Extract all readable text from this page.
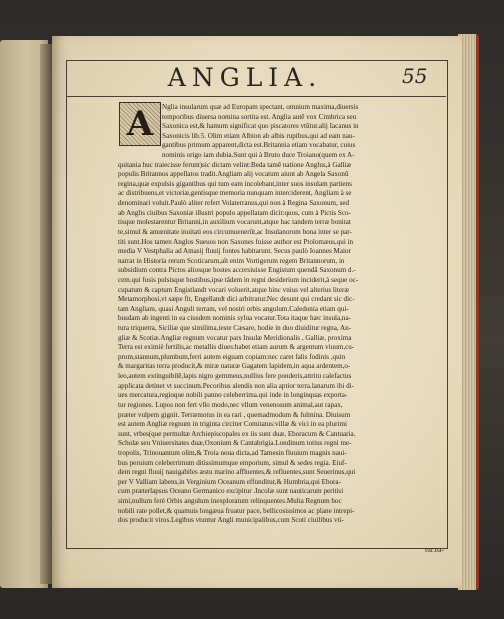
ANGLIA.	55
A	Nglia insularum quæ ad Europam spectant, omnium maxima,diuersis
temporibus diuersa nomina sortita est. Anglia autẽ vox Cimbrica seu
Saxonica est,& hamum significat quo piscatores vtũtur.alij Iacanus in
Saxonicis lib.5. Olim etiam Albion ab albis rupibus,qui ad eam nau-
gantibus primum apparent,dicta est.Britannia etiam vocabatur, cuius
nominis origo iam dubia.Sunt qui à Bruto duce Troiano(quem ex A-
quitania huc traiecisse ferunt)sic dictam velint:Beda tamẽ natione Anglus,à Galliæ
populis Britannos appellatos tradit.Angliam alij vocatum aiunt ab Angela Saxonũ
regina,quæ expulsis gigantibus qui tum eam incolebant,inter suos insulam partiens
ac distribuens,et victoriæ,gentisque memoria nunquam interciderent, Angliam à se
denominari voluit.Paulò aliter refert Volaterranus,qui non à Regina Saxonum, sed
ab Anglis ciuibus Saxoniæ illustri populo appellatam dicit:quos, cum à Pictis Sco-
tisque molestarentur Britanni,in auxilium vocarunt,atque hac tandem terræ bonitat
te,simul & amœnitate inuitati eos circumuenerũt,ac Insulanorum bona inter se par-
titi sunt.Hos tamen Anglos Sueuos non Saxones fuisse author est Ptolomæus,qui in
media V Vestphalia ad Amasij fluuij fontes habitarunt. Secus paulò Ioannes Maior
narrat in Historia rerum Scoticarum,aït enim Vortigerum regem Britannorum, in
subsidium contra Pictos aliosque hostes accersiuisse Engistum quendã Saxonum d.-
cem.qui fusis pulsisque hostibus,ipse tãdem in regni desiderium inciderit,à seque oc-
cupatum & captum Engistlandt vocari voluerit,atque hinc vnius vel alterius literæ
Metamorphosi,vt sæpe fit, Engellandt dici arbitratur.Nec desunt qui credant sic dic-
tam Angliam, quasi Anguli terram, vel nostri orbis angulum.Caledonia etiam qui-
busdam ab ingenti in ea ciusdem nominis sylua vocatur.Tota itaque hæc insula,na-
tura triquetra, Siciliæ que similima,teste Cæsare, hodie in duo diuiditur regna, An-
gliæ & Scotiæ.Angliæ regnum vocatur pars Insulæ Meridionalis , Galliæ, proxima
Terra est eximiè fertilis,ac metallis diues:habet etiam aurum & argentum viuum,cu-
prum,stannum,plumbum,ferri autem eiguam copiam:nec caret falis fodinis ,quin
& margaritas terra producit,& miræ naturæ Gagatem lapidem,in aqua ardentem,o-
leo,autem extinguibilẽ,lapis nigro gemmeus,nullius fere ponderis,attritu calefactus
applicata detinet vt succinum.Pecoribus alendis non alia aptior terra.lanarum ibi di-
ues mercatura,regioque nobili panno celeberrima.qui inde in longinquas exporta-
tur regiones. Lupos non fert vllo modo,nec vllum venenosum animal,aut rapax,
præter vulpem gignit. Terræmotus in ea rari , quemadmodum & fulmina. Diuisum
est autem Angliæ regnum in triginta circiter Comitatus:villæ & vici in ea plurimi
sunt, vrbes(que permultæ Archiepiscopales ex iis sunt duæ, Eboracum & Cantuaria.
Scholæ seu Vniuersitates duæ,Oxonium & Cantabrigia.Londinum totius regni me-
tropolis, Trinouantum olim,& Troia noua dicta,ad Tamesin fluuium magnis naui-
bus peruium celeberrimum ditissimumque emporium, simul & sedes regia. Eiuf-
dem regni fluuij nauigabiles æstu marino affluentes,& refluentes,sunt Seuerinus,qui
per V Valliam labens,in Verginium Oceanum effunditur,& Humbria,qui Ebora-
cum præterlapsus Oceano Germanico excipitur .Incolæ sunt nauticarum peritisi
simi,nullum ferè Orbis angulum inexploratum relinquentes.Multa Regnum hoc
nobili rate pollet,& quamuis longæua fruatur pace, bellicosissimos ac plane intrepi-
dos producit viros.Legibus vtuntur Angli municipalibus,cum Scoti ciuilibus vti-
tur.ea-
